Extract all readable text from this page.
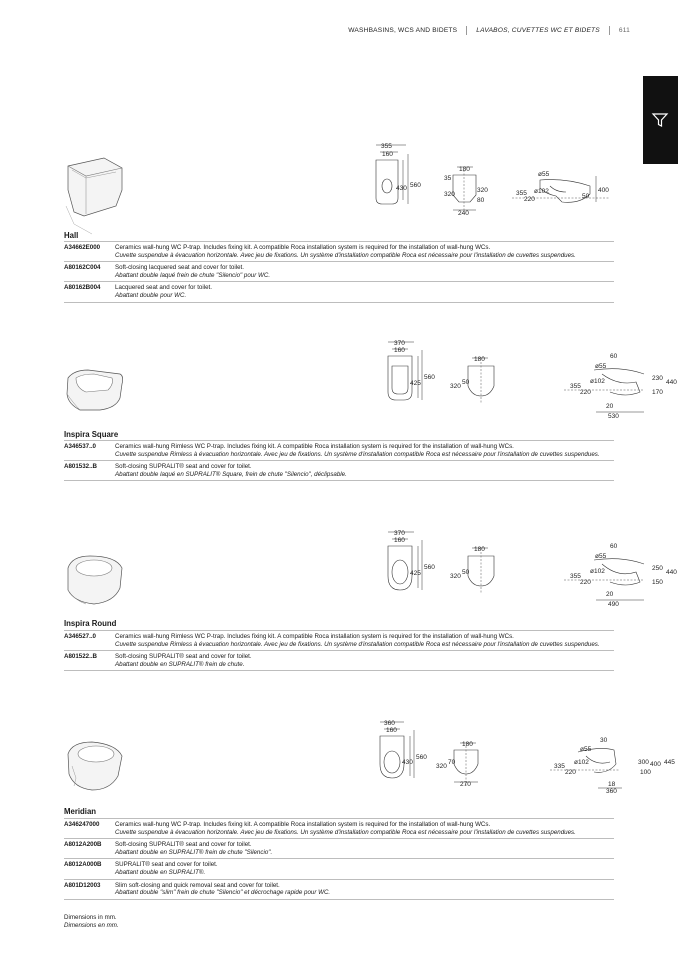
WASHBASINS, WCS AND BIDETS	LAVABOS, CUVETTES WC ET BIDETS	611
355
160
430 560
180
35
320
320
80
240
ø55
ø102
355
220
400
50
Hall
A34662E000	Ceramics wall-hung WC P-trap. Includes fixing kit. A compatible Roca installation system is required for the installation of wall-hung WCs.
Cuvette suspendue à évacuation horizontale. Avec jeu de fixations. Un système d'installation compatible Roca est nécessaire pour l'installation de cuvettes suspendues.
A80162C004	Soft-closing lacquered seat and cover for toilet.
Abattant double laqué frein de chute "Silencio" pour WC.
A80162B004	Lacquered seat and cover for toilet.
Abattant double pour WC.
370
160
425
560
180
320
50
60
ø55
ø102
355
220
230
440
170
20
530
Inspira Square
A346537..0	Ceramics wall-hung Rimless WC P-trap. Includes fixing kit. A compatible Roca installation system is required for the installation of wall-hung WCs.
Cuvette suspendue Rimless à évacuation horizontale. Avec jeu de fixations. Un système d'installation compatible Roca est nécessaire pour l'installation de cuvettes suspendues.
A801532..B	Soft-closing SUPRALIT® seat and cover for toilet.
Abattant double laqué en SUPRALIT® Square, frein de chute "Silencio", déclipsable.
370
160
425
560
180
320
50
60
ø55
ø102
355
220
250
440
150
20
490
Inspira Round
A346527..0	Ceramics wall-hung Rimless WC P-trap. Includes fixing kit. A compatible Roca installation system is required for the installation of wall-hung WCs.
Cuvette suspendue Rimless à évacuation horizontale. Avec jeu de fixations. Un système d'installation compatible Roca est nécessaire pour l'installation de cuvettes suspendues.
A801522..B	Soft-closing SUPRALIT® seat and cover for toilet.
Abattant double en SUPRALIT® frein de chute.
360
160
430
560
180
320
70
270
30
ø55
ø102
335
220
300 400 445
100
18
360
Meridian
A346247000	Ceramics wall-hung WC P-trap. Includes fixing kit. A compatible Roca installation system is required for the installation of wall-hung WCs.
Cuvette suspendue à évacuation horizontale. Avec jeu de fixations. Un système d'installation compatible Roca est nécessaire pour l'installation de cuvettes suspendues.
A8012A200B	Soft-closing SUPRALIT® seat and cover for toilet.
Abattant double en SUPRALIT® frein de chute "Silencio".
A8012A000B	SUPRALIT® seat and cover for toilet.
Abattant double en SUPRALIT®.
A801D12003	Slim soft-closing and quick removal seat and cover for toilet.
Abattant double "slim" frein de chute "Silencio" et décrochage rapide pour WC.
Dimensions in mm.
Dimensions en mm.
